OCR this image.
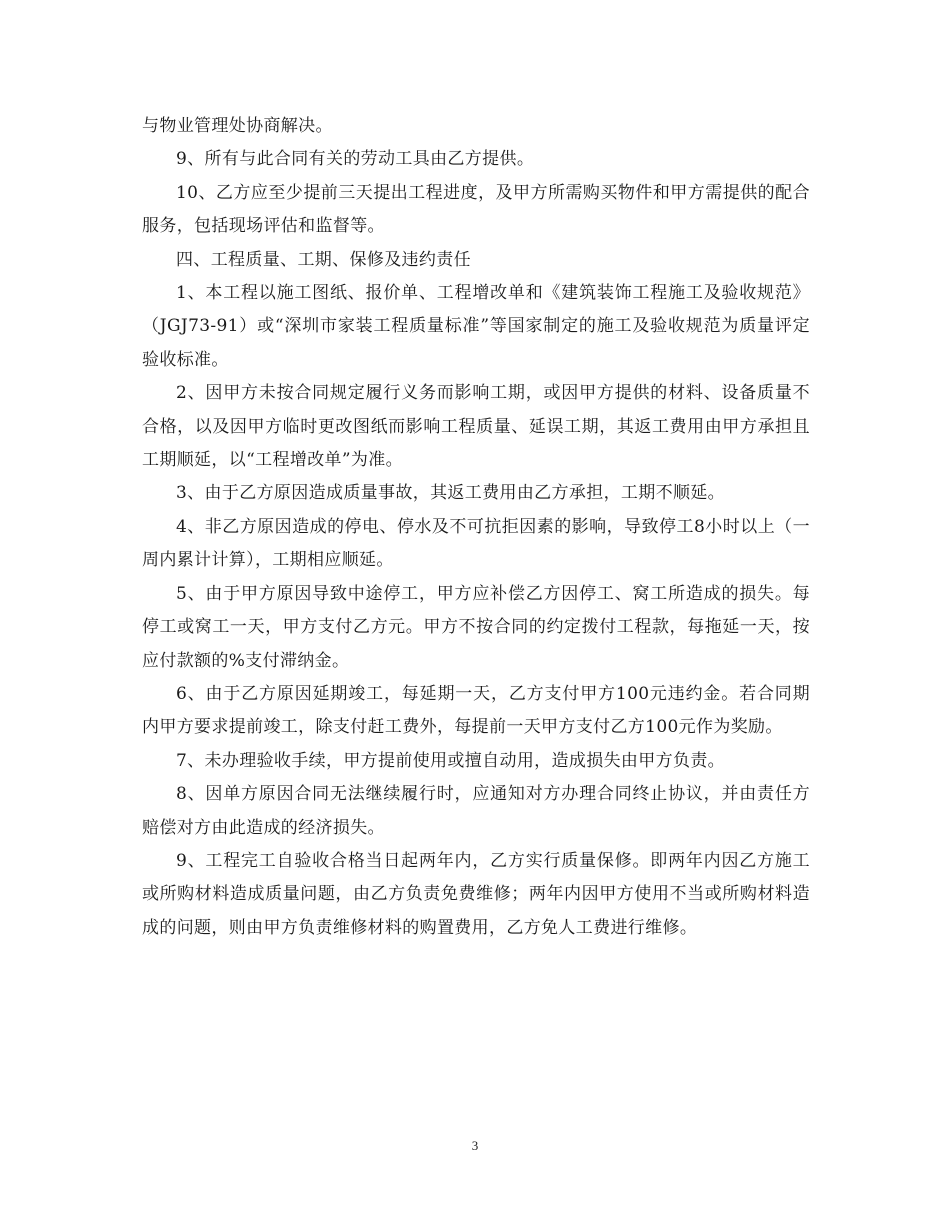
与物业管理处协商解决。

9、所有与此合同有关的劳动工具由乙方提供。

10、乙方应至少提前三天提出工程进度，及甲方所需购买物件和甲方需提供的配合服务，包括现场评估和监督等。

四、工程质量、工期、保修及违约责任

1、本工程以施工图纸、报价单、工程增改单和《建筑装饰工程施工及验收规范》（JGJ73-91）或“深圳市家装工程质量标准”等国家制定的施工及验收规范为质量评定验收标准。

2、因甲方未按合同规定履行义务而影响工期，或因甲方提供的材料、设备质量不合格，以及因甲方临时更改图纸而影响工程质量、延误工期，其返工费用由甲方承担且工期顺延，以“工程增改单”为准。

3、由于乙方原因造成质量事故，其返工费用由乙方承担，工期不顺延。

4、非乙方原因造成的停电、停水及不可抗拒因素的影响，导致停工8小时以上（一周内累计计算），工期相应顺延。

5、由于甲方原因导致中途停工，甲方应补偿乙方因停工、窝工所造成的损失。每停工或窝工一天，甲方支付乙方元。甲方不按合同的约定拨付工程款，每拖延一天，按应付款额的%支付滞纳金。

6、由于乙方原因延期竣工，每延期一天，乙方支付甲方100元违约金。若合同期内甲方要求提前竣工，除支付赶工费外，每提前一天甲方支付乙方100元作为奖励。

7、未办理验收手续，甲方提前使用或擅自动用，造成损失由甲方负责。

8、因单方原因合同无法继续履行时，应通知对方办理合同终止协议，并由责任方赔偿对方由此造成的经济损失。

9、工程完工自验收合格当日起两年内，乙方实行质量保修。即两年内因乙方施工或所购材料造成质量问题，由乙方负责免费维修；两年内因甲方使用不当或所购材料造成的问题，则由甲方负责维修材料的购置费用，乙方免人工费进行维修。

3
